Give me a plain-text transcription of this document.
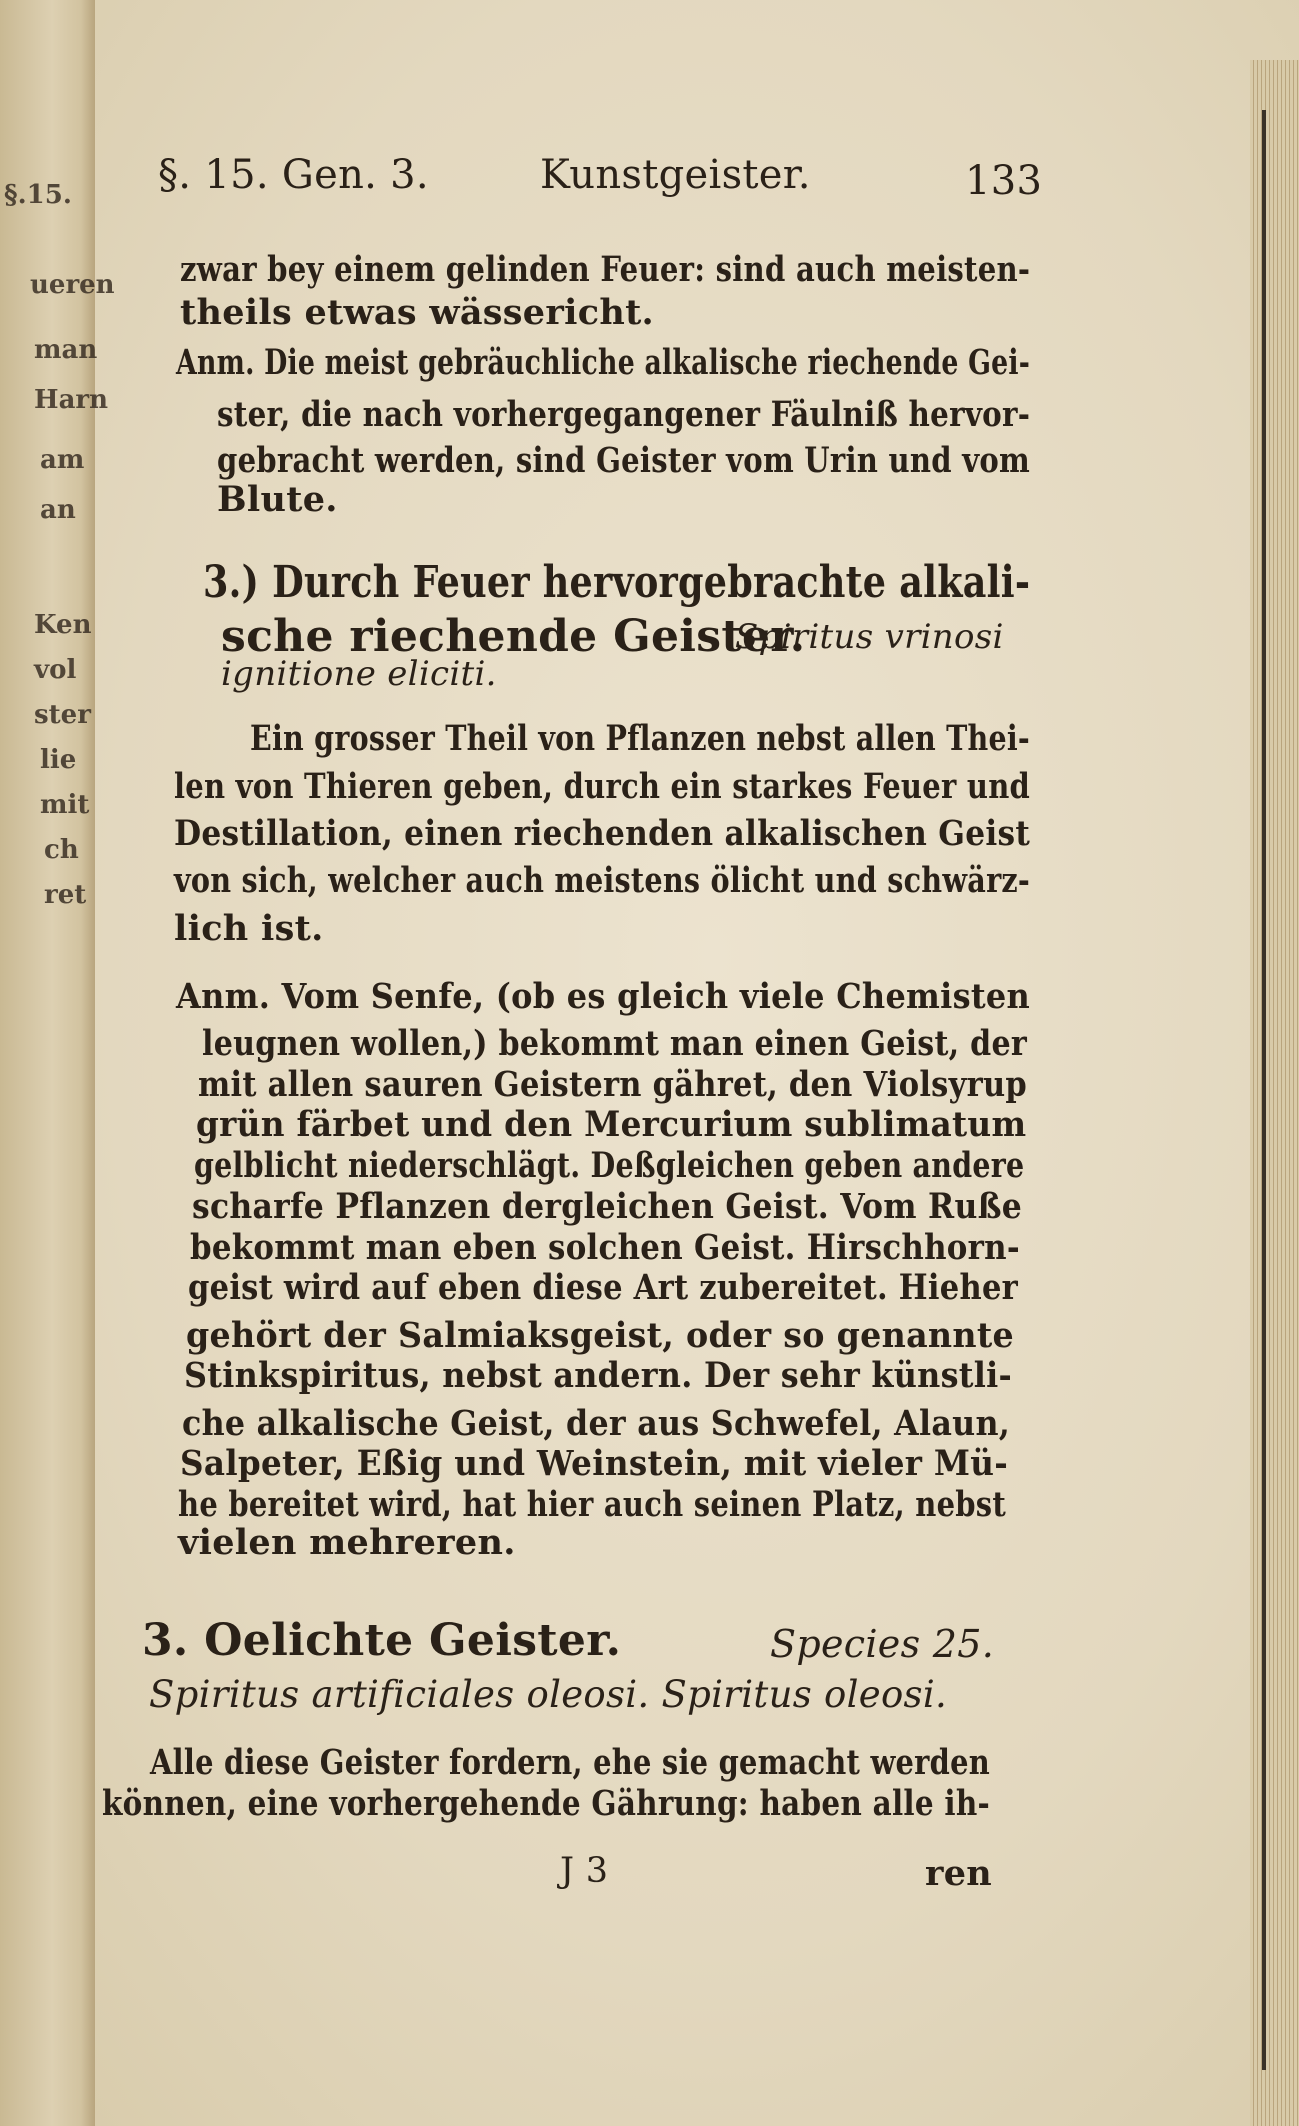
§.15.
ueren
man
Harn
am
an
Ken
vol
ster
lie
mit
ch
ret
§. 15. Gen. 3.	Kunstgeister.	133
zwar bey einem gelinden Feuer: sind auch meisten-
theils etwas wässericht.
Anm. Die meist gebräuchliche alkalische riechende Gei-
ster, die nach vorhergegangener Fäulniß hervor-
gebracht werden, sind Geister vom Urin und vom
Blute.
3.) Durch Feuer hervorgebrachte alkali-
sche riechende Geister.
Spiritus vrinosi
ignitione eliciti.
Ein grosser Theil von Pflanzen nebst allen Thei-
len von Thieren geben, durch ein starkes Feuer und
Destillation, einen riechenden alkalischen Geist
von sich, welcher auch meistens ölicht und schwärz-
lich ist.
Anm. Vom Senfe, (ob es gleich viele Chemisten
leugnen wollen,) bekommt man einen Geist, der
mit allen sauren Geistern gähret, den Violsyrup
grün färbet und den Mercurium sublimatum
gelblicht niederschlägt. Deßgleichen geben andere
scharfe Pflanzen dergleichen Geist. Vom Ruße
bekommt man eben solchen Geist. Hirschhorn-
geist wird auf eben diese Art zubereitet. Hieher
gehört der Salmiaksgeist, oder so genannte
Stinkspiritus, nebst andern. Der sehr künstli-
che alkalische Geist, der aus Schwefel, Alaun,
Salpeter, Eßig und Weinstein, mit vieler Mü-
he bereitet wird, hat hier auch seinen Platz, nebst
vielen mehreren.
3. Oelichte Geister.	Species 25.
Spiritus artificiales oleosi. Spiritus oleosi.
Alle diese Geister fordern, ehe sie gemacht werden
können, eine vorhergehende Gährung: haben alle ih-
J 3	ren
